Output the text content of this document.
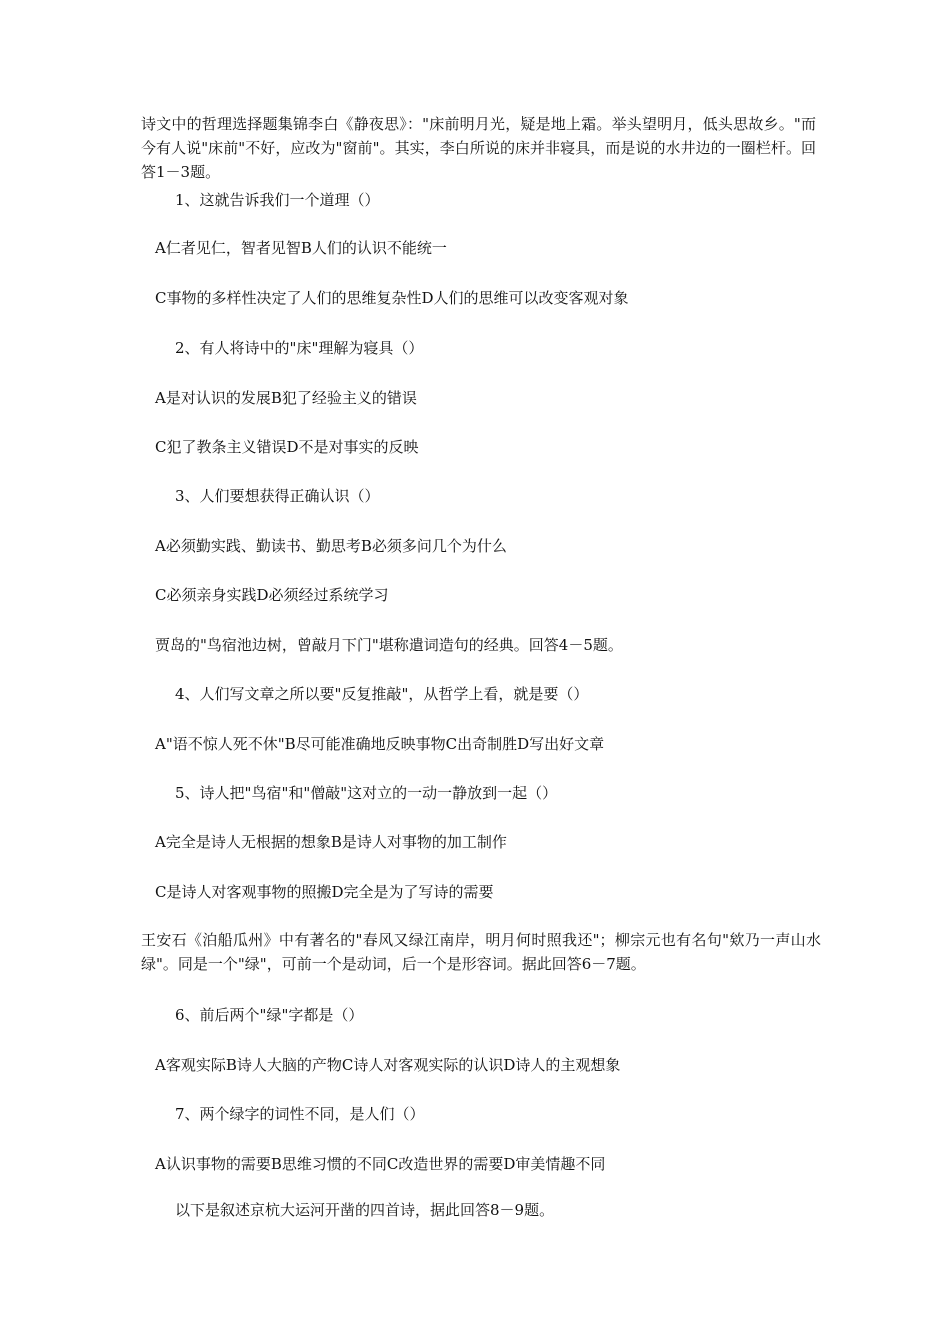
诗文中的哲理选择题集锦李白《静夜思》："床前明月光，疑是地上霜。举头望明月，低头思故乡。"而今有人说"床前"不好，应改为"窗前"。其实，李白所说的床并非寝具，而是说的水井边的一圈栏杆。回答1－3题。
1、这就告诉我们一个道理（）
A仁者见仁，智者见智B人们的认识不能统一
C事物的多样性决定了人们的思维复杂性D人们的思维可以改变客观对象
2、有人将诗中的"床"理解为寝具（）
A是对认识的发展B犯了经验主义的错误
C犯了教条主义错误D不是对事实的反映
3、人们要想获得正确认识（）
A必须勤实践、勤读书、勤思考B必须多问几个为什么
C必须亲身实践D必须经过系统学习
贾岛的"鸟宿池边树，曾敲月下门"堪称遣词造句的经典。回答4－5题。
4、人们写文章之所以要"反复推敲"，从哲学上看，就是要（）
A"语不惊人死不休"B尽可能准确地反映事物C出奇制胜D写出好文章
5、诗人把"鸟宿"和"僧敲"这对立的一动一静放到一起（）
A完全是诗人无根据的想象B是诗人对事物的加工制作
C是诗人对客观事物的照搬D完全是为了写诗的需要
王安石《泊船瓜州》中有著名的"春风又绿江南岸，明月何时照我还"；柳宗元也有名句"欸乃一声山水绿"。同是一个"绿"，可前一个是动词，后一个是形容词。据此回答6－7题。
6、前后两个"绿"字都是（）
A客观实际B诗人大脑的产物C诗人对客观实际的认识D诗人的主观想象
7、两个绿字的词性不同，是人们（）
A认识事物的需要B思维习惯的不同C改造世界的需要D审美情趣不同
以下是叙述京杭大运河开凿的四首诗，据此回答8－9题。
